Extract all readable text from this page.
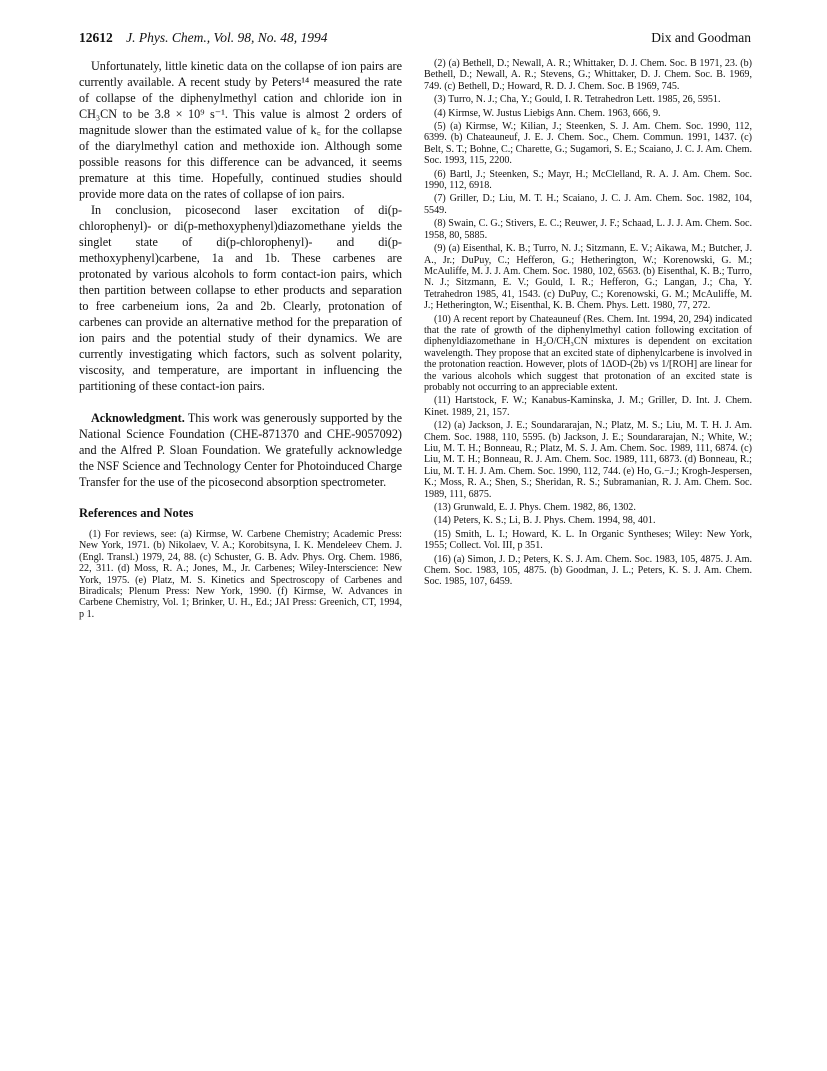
12612 J. Phys. Chem., Vol. 98, No. 48, 1994	Dix and Goodman

Unfortunately, little kinetic data on the collapse of ion pairs are currently available. A recent study by Peters¹⁴ measured the rate of collapse of the diphenylmethyl cation and chloride ion in CH₃CN to be 3.8 × 10⁹ s⁻¹. This value is almost 2 orders of magnitude slower than the estimated value of k꜀ for the collapse of the diarylmethyl cation and methoxide ion. Although some possible reasons for this difference can be advanced, it seems premature at this time. Hopefully, continued studies should provide more data on the rates of collapse of ion pairs.

In conclusion, picosecond laser excitation of di(p-chlorophenyl)- or di(p-methoxyphenyl)diazomethane yields the singlet state of di(p-chlorophenyl)- and di(p-methoxyphenyl)carbene, 1a and 1b. These carbenes are protonated by various alcohols to form contact-ion pairs, which then partition between collapse to ether products and separation to free carbeneium ions, 2a and 2b. Clearly, protonation of carbenes can provide an alternative method for the preparation of ion pairs and the potential study of their dynamics. We are currently investigating which factors, such as solvent polarity, viscosity, and temperature, are important in influencing the partitioning of these contact-ion pairs.

Acknowledgment. This work was generously supported by the National Science Foundation (CHE-871370 and CHE-9057092) and the Alfred P. Sloan Foundation. We gratefully acknowledge the NSF Science and Technology Center for Photoinduced Charge Transfer for the use of the picosecond absorption spectrometer.

References and Notes

(1) For reviews, see: (a) Kirmse, W. Carbene Chemistry; Academic Press: New York, 1971. (b) Nikolaev, V. A.; Korobitsyna, I. K. Mendeleev Chem. J. (Engl. Transl.) 1979, 24, 88. (c) Schuster, G. B. Adv. Phys. Org. Chem. 1986, 22, 311. (d) Moss, R. A.; Jones, M., Jr. Carbenes; Wiley-Interscience: New York, 1975. (e) Platz, M. S. Kinetics and Spectroscopy of Carbenes and Biradicals; Plenum Press: New York, 1990. (f) Kirmse, W. Advances in Carbene Chemistry, Vol. 1; Brinker, U. H., Ed.; JAI Press: Greenich, CT, 1994, p 1.

(2) (a) Bethell, D.; Newall, A. R.; Whittaker, D. J. Chem. Soc. B 1971, 23. (b) Bethell, D.; Newall, A. R.; Stevens, G.; Whittaker, D. J. Chem. Soc. B. 1969, 749. (c) Bethell, D.; Howard, R. D. J. Chem. Soc. B 1969, 745.

(3) Turro, N. J.; Cha, Y.; Gould, I. R. Tetrahedron Lett. 1985, 26, 5951.

(4) Kirmse, W. Justus Liebigs Ann. Chem. 1963, 666, 9.

(5) (a) Kirmse, W.; Kilian, J.; Steenken, S. J. Am. Chem. Soc. 1990, 112, 6399. (b) Chateauneuf, J. E. J. Chem. Soc., Chem. Commun. 1991, 1437. (c) Belt, S. T.; Bohne, C.; Charette, G.; Sugamori, S. E.; Scaiano, J. C. J. Am. Chem. Soc. 1993, 115, 2200.

(6) Bartl, J.; Steenken, S.; Mayr, H.; McClelland, R. A. J. Am. Chem. Soc. 1990, 112, 6918.

(7) Griller, D.; Liu, M. T. H.; Scaiano, J. C. J. Am. Chem. Soc. 1982, 104, 5549.

(8) Swain, C. G.; Stivers, E. C.; Reuwer, J. F.; Schaad, L. J. J. Am. Chem. Soc. 1958, 80, 5885.

(9) (a) Eisenthal, K. B.; Turro, N. J.; Sitzmann, E. V.; Aikawa, M.; Butcher, J. A., Jr.; DuPuy, C.; Hefferon, G.; Hetherington, W.; Korenowski, G. M.; McAuliffe, M. J. J. Am. Chem. Soc. 1980, 102, 6563. (b) Eisenthal, K. B.; Turro, N. J.; Sitzmann, E. V.; Gould, I. R.; Hefferon, G.; Langan, J.; Cha, Y. Tetrahedron 1985, 41, 1543. (c) DuPuy, C.; Korenowski, G. M.; McAuliffe, M. J.; Hetherington, W.; Eisenthal, K. B. Chem. Phys. Lett. 1980, 77, 272.

(10) A recent report by Chateauneuf (Res. Chem. Int. 1994, 20, 294) indicated that the rate of growth of the diphenylmethyl cation following excitation of diphenyldiazomethane in H₂O/CH₃CN mixtures is dependent on excitation wavelength. They propose that an excited state of diphenylcarbene is involved in the protonation reaction. However, plots of 1ΔOD-(2b) vs 1/[ROH] are linear for the various alcohols which suggest that protonation of an excited state is probably not occurring to an appreciable extent.

(11) Hartstock, F. W.; Kanabus-Kaminska, J. M.; Griller, D. Int. J. Chem. Kinet. 1989, 21, 157.

(12) (a) Jackson, J. E.; Soundararajan, N.; Platz, M. S.; Liu, M. T. H. J. Am. Chem. Soc. 1988, 110, 5595. (b) Jackson, J. E.; Soundararajan, N.; White, W.; Liu, M. T. H.; Bonneau, R.; Platz, M. S. J. Am. Chem. Soc. 1989, 111, 6874. (c) Liu, M. T. H.; Bonneau, R. J. Am. Chem. Soc. 1989, 111, 6873. (d) Bonneau, R.; Liu, M. T. H. J. Am. Chem. Soc. 1990, 112, 744. (e) Ho, G.−J.; Krogh-Jespersen, K.; Moss, R. A.; Shen, S.; Sheridan, R. S.; Subramanian, R. J. Am. Chem. Soc. 1989, 111, 6875.

(13) Grunwald, E. J. Phys. Chem. 1982, 86, 1302.

(14) Peters, K. S.; Li, B. J. Phys. Chem. 1994, 98, 401.

(15) Smith, L. I.; Howard, K. L. In Organic Syntheses; Wiley: New York, 1955; Collect. Vol. III, p 351.

(16) (a) Simon, J. D.; Peters, K. S. J. Am. Chem. Soc. 1983, 105, 4875. J. Am. Chem. Soc. 1983, 105, 4875. (b) Goodman, J. L.; Peters, K. S. J. Am. Chem. Soc. 1985, 107, 6459.
